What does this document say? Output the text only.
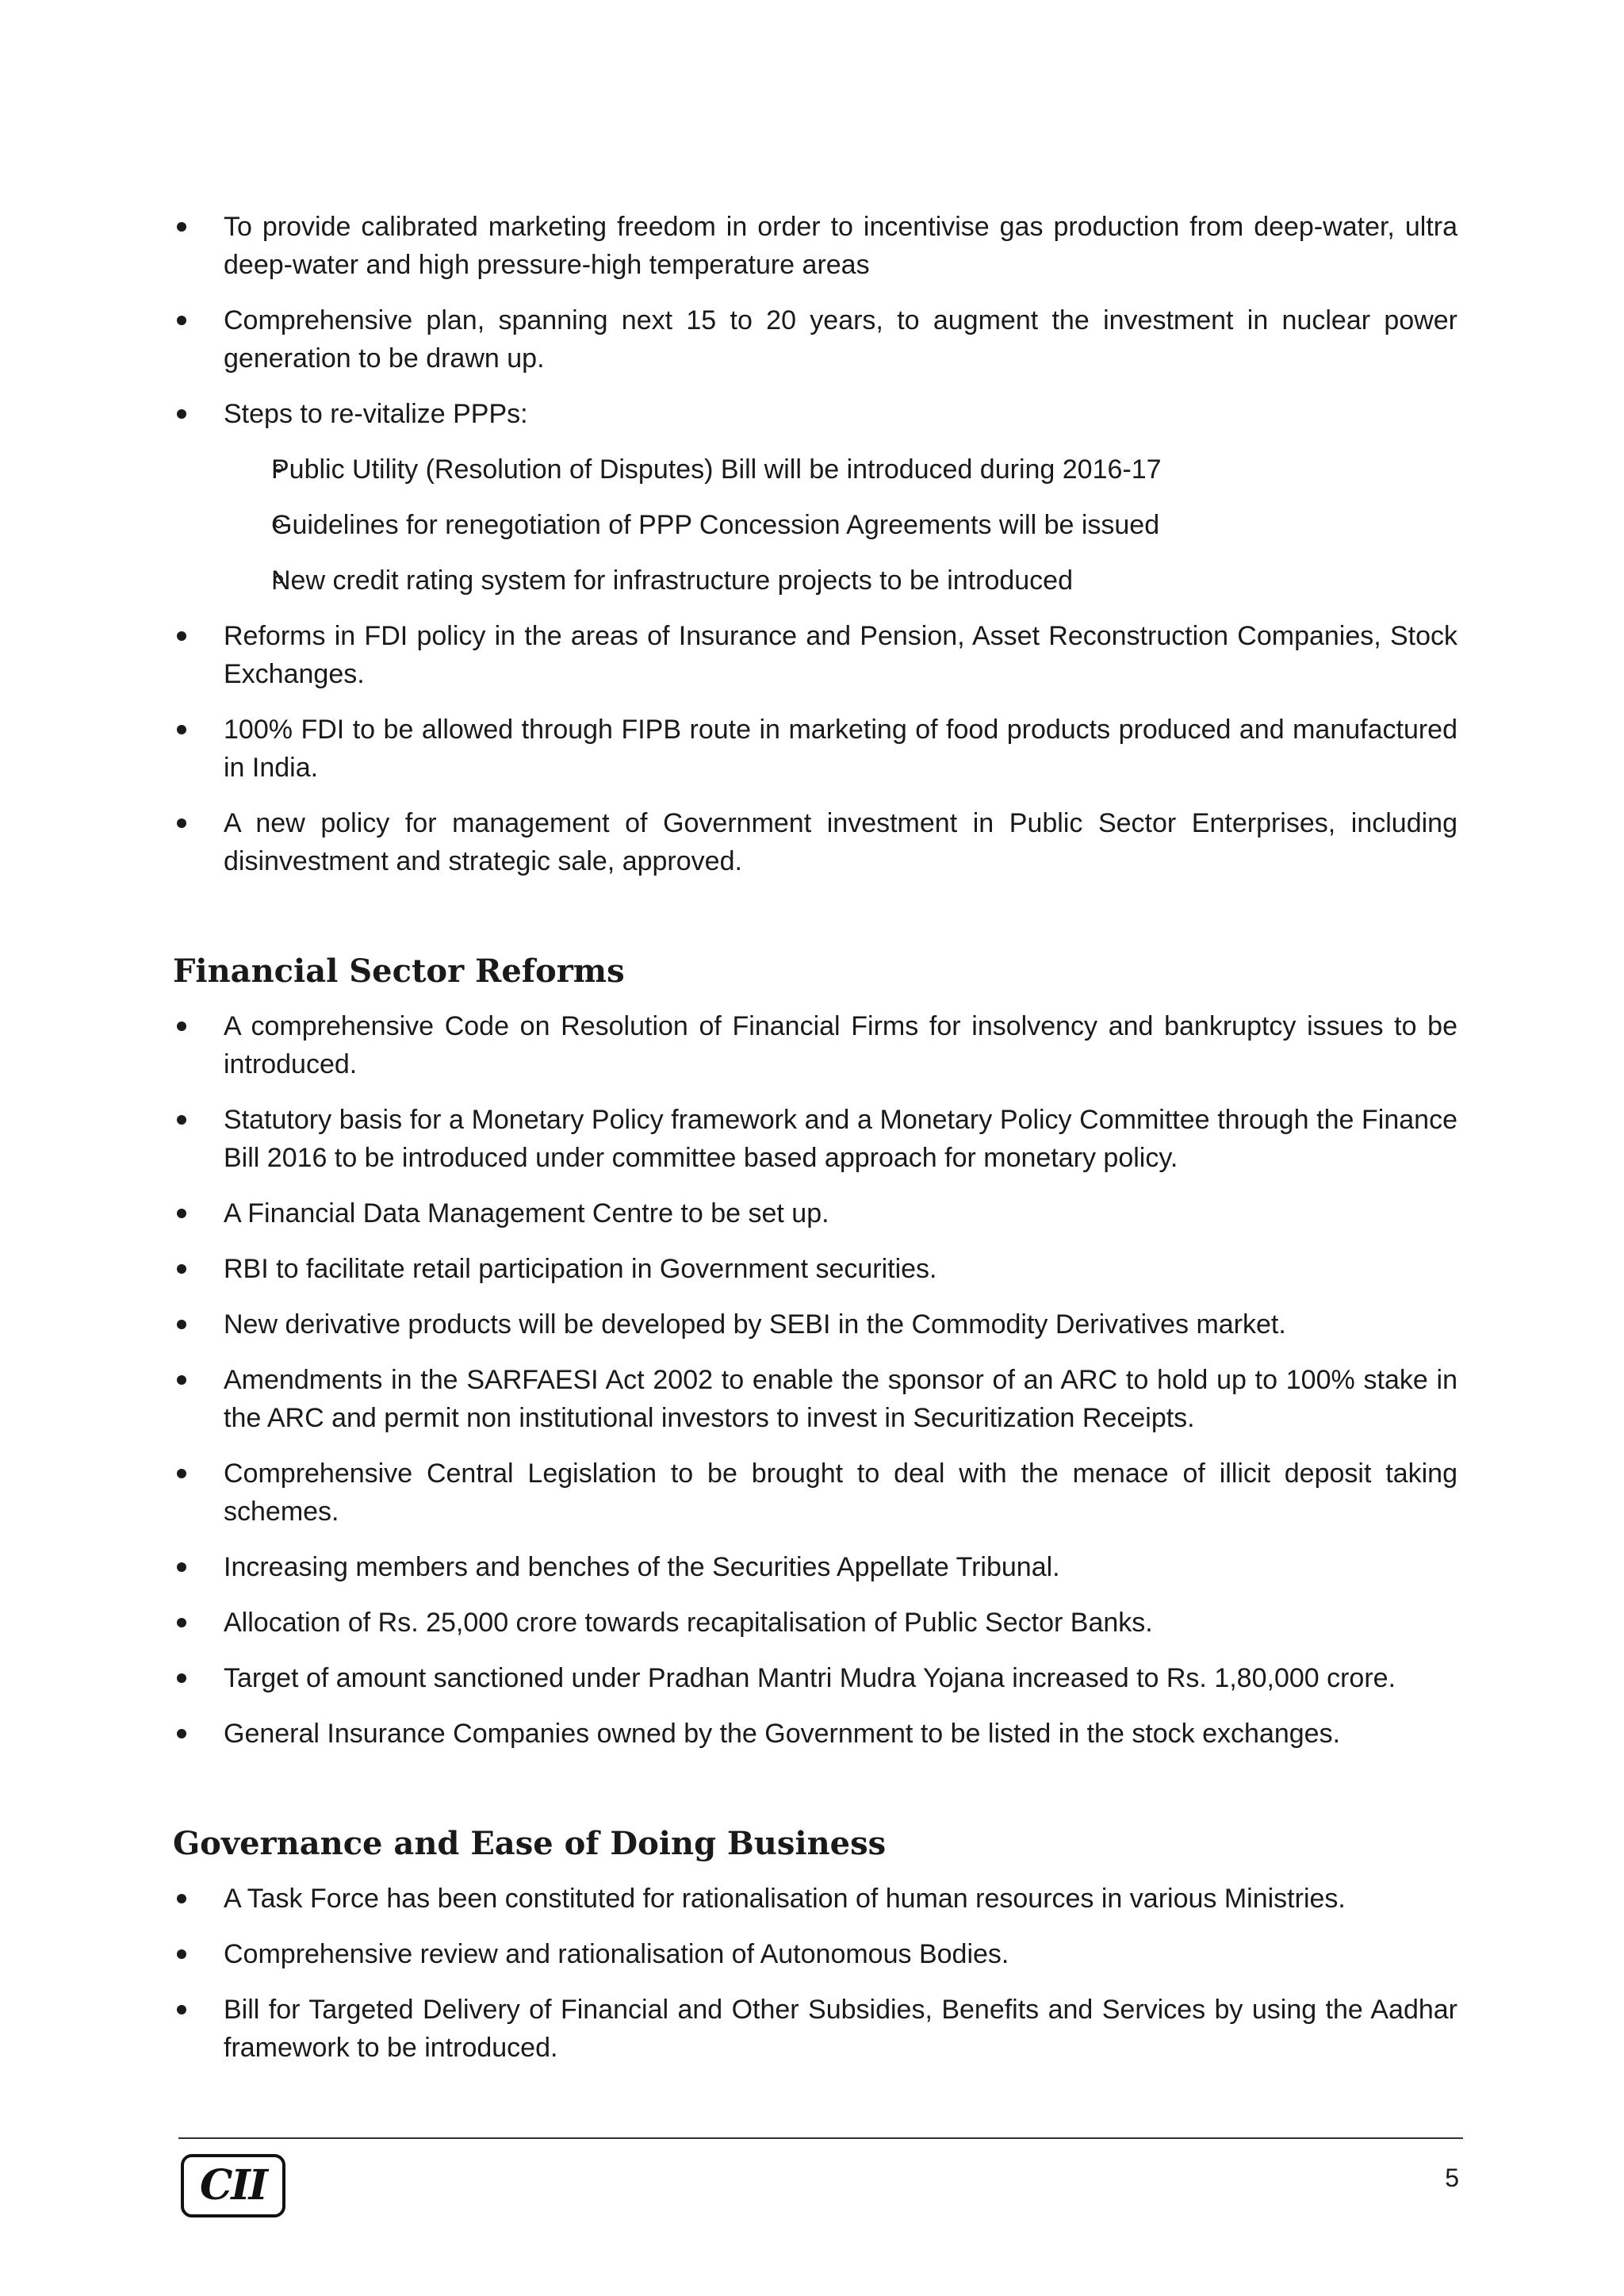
To provide calibrated marketing freedom in order to incentivise gas production from deep-water, ultra deep-water and high pressure-high temperature areas
Comprehensive plan, spanning next 15 to 20 years, to augment the investment in nuclear power generation to be drawn up.
Steps to re-vitalize PPPs:
Public Utility (Resolution of Disputes) Bill will be introduced during 2016-17
Guidelines for renegotiation of PPP Concession Agreements will be issued
New credit rating system for infrastructure projects to be introduced
Reforms in FDI policy in the areas of Insurance and Pension, Asset Reconstruction Companies, Stock Exchanges.
100% FDI to be allowed through FIPB route in marketing of food products produced and manufactured in India.
A new policy for management of Government investment in Public Sector Enterprises, including disinvestment and strategic sale, approved.
Financial Sector Reforms
A comprehensive Code on Resolution of Financial Firms for insolvency and bankruptcy issues to be introduced.
Statutory basis for a Monetary Policy framework and a Monetary Policy Committee through the Finance Bill 2016 to be introduced under committee based approach for monetary policy.
A Financial Data Management Centre to be set up.
RBI to facilitate retail participation in Government securities.
New derivative products will be developed by SEBI in the Commodity Derivatives market.
Amendments in the SARFAESI Act 2002 to enable the sponsor of an ARC to hold up to 100% stake in the ARC and permit non institutional investors to invest in Securitization Receipts.
Comprehensive Central Legislation to be brought to deal with the menace of illicit deposit taking schemes.
Increasing members and benches of the Securities Appellate Tribunal.
Allocation of Rs. 25,000 crore towards recapitalisation of Public Sector Banks.
Target of amount sanctioned under Pradhan Mantri Mudra Yojana increased to Rs. 1,80,000 crore.
General Insurance Companies owned by the Government to be listed in the stock exchanges.
Governance and Ease of Doing Business
A Task Force has been constituted for rationalisation of human resources in various Ministries.
Comprehensive review and rationalisation of Autonomous Bodies.
Bill for Targeted Delivery of Financial and Other Subsidies, Benefits and Services by using the Aadhar framework to be introduced.
CII	5
